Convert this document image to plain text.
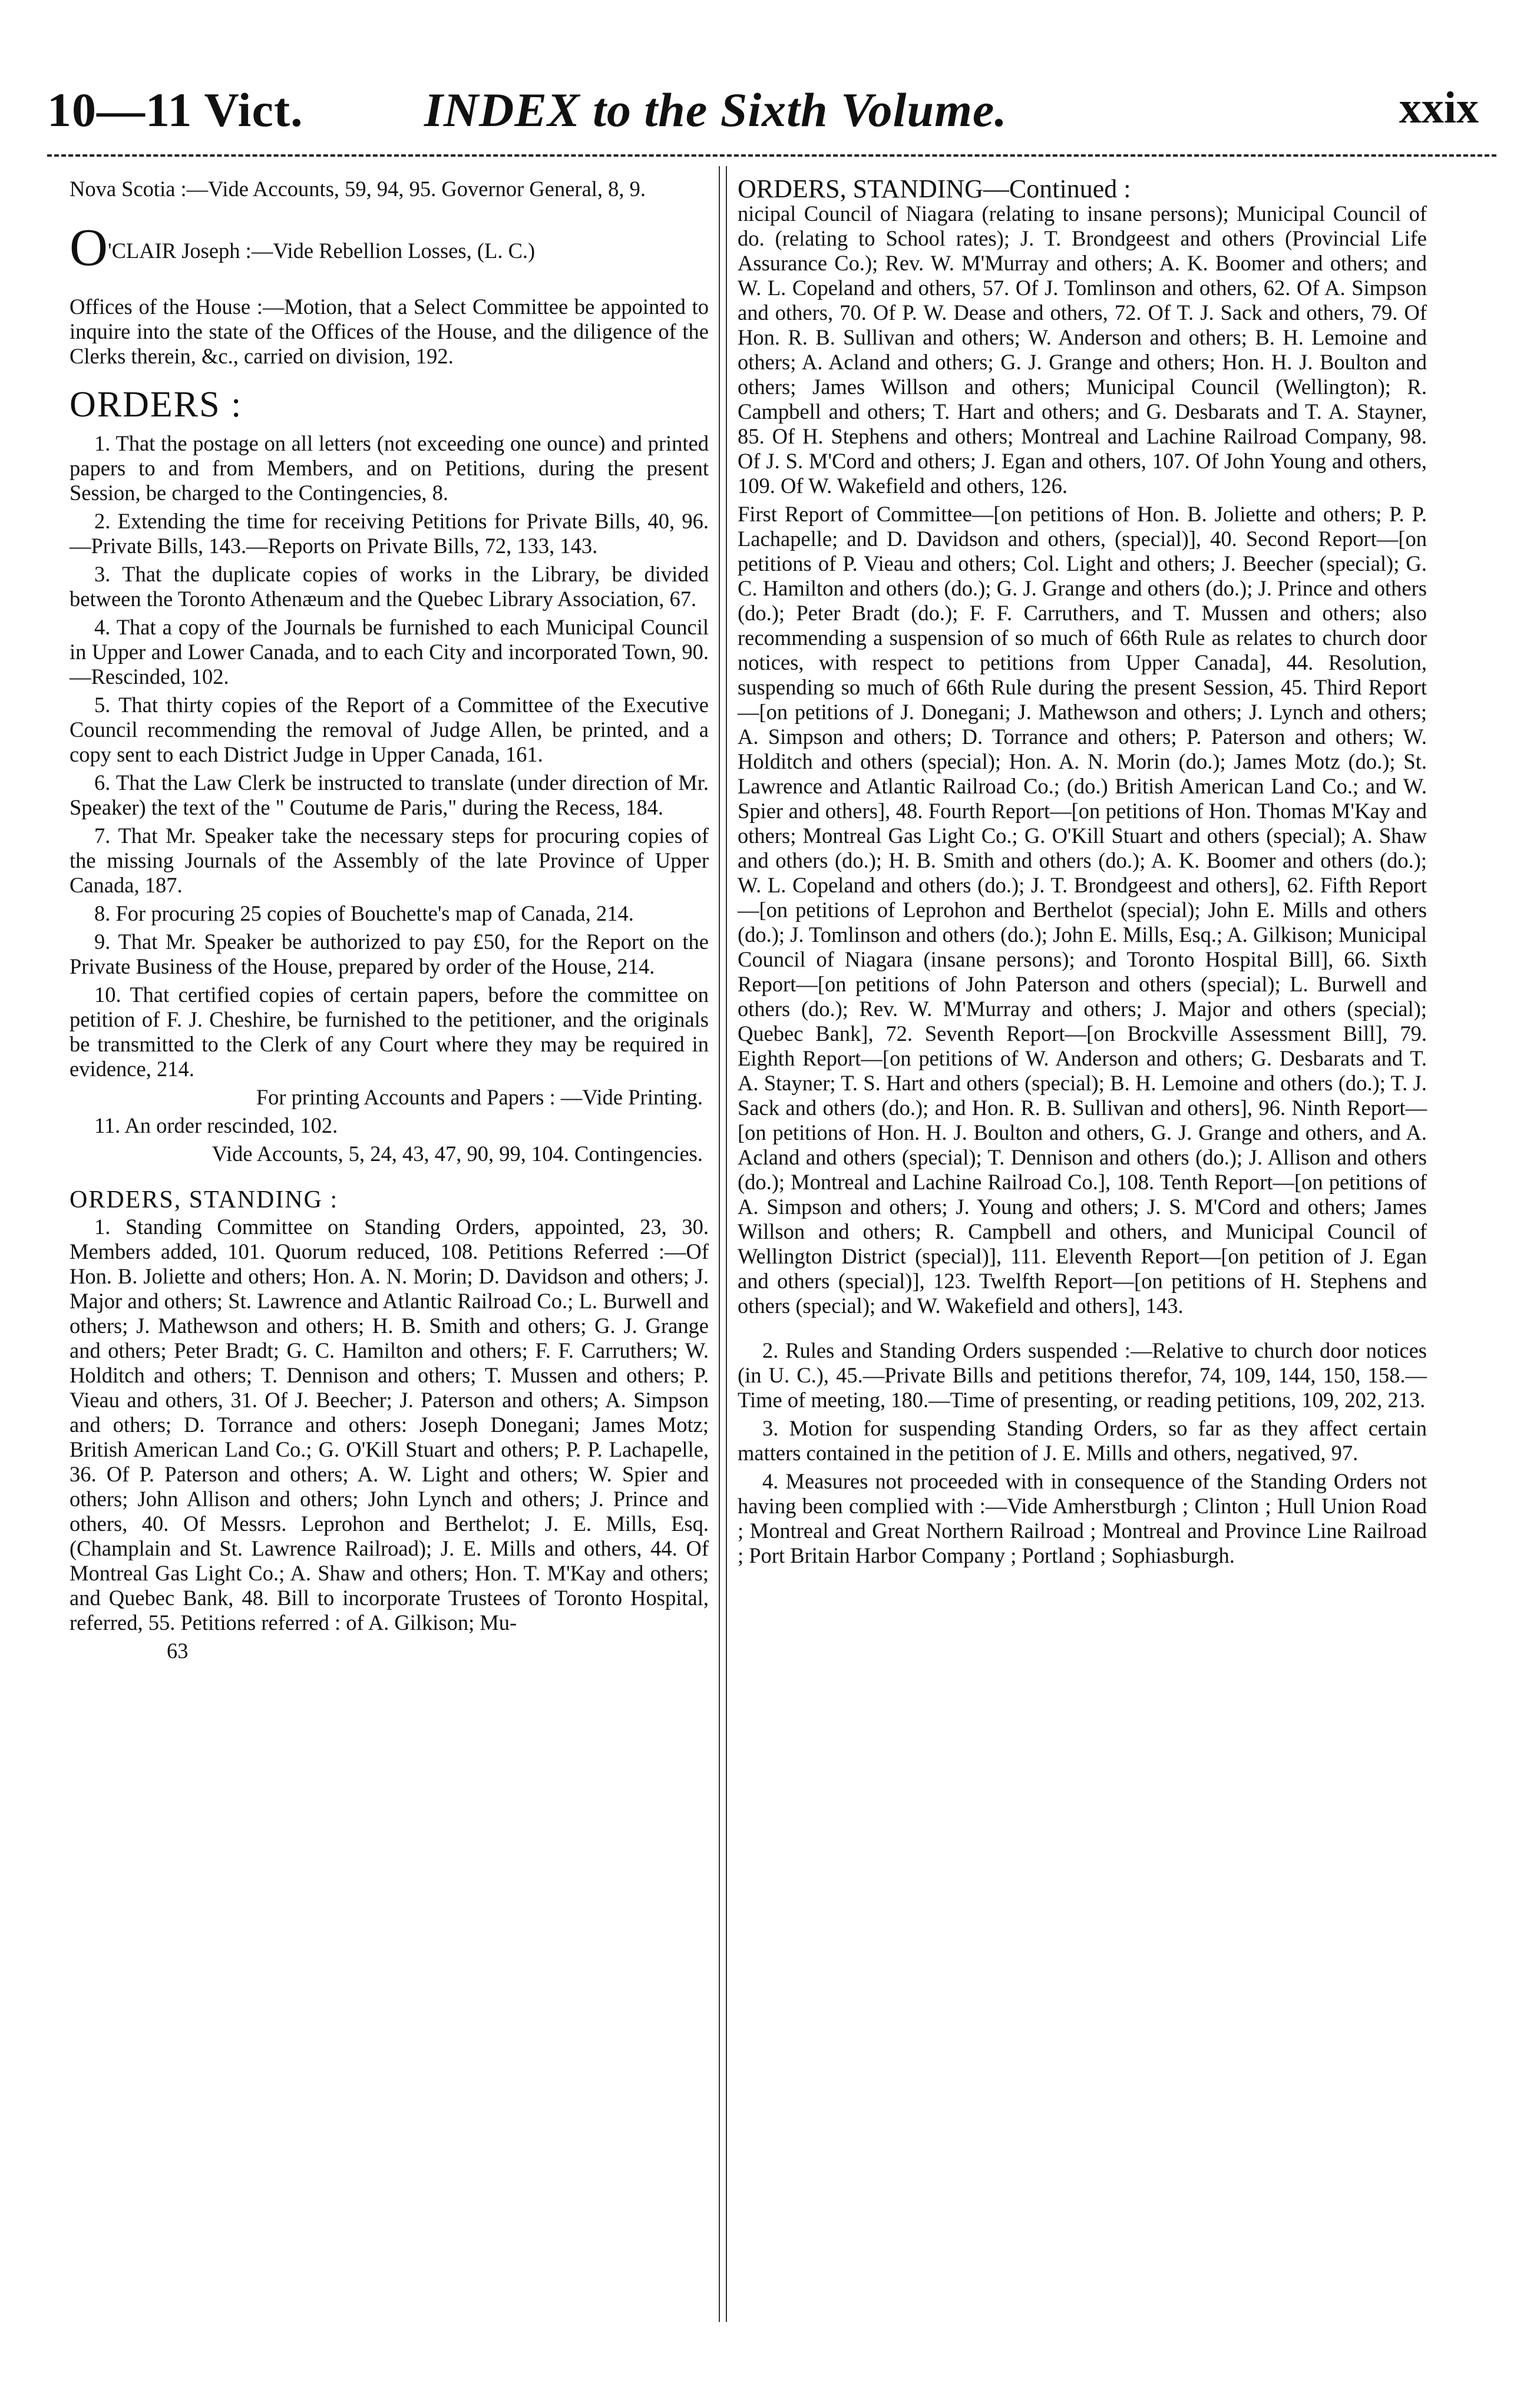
10—11 Vict.	INDEX to the Sixth Volume.	xxix

Nova Scotia :—Vide Accounts, 59, 94, 95. Governor General, 8, 9.

O'CLAIR Joseph :—Vide Rebellion Losses, (L. C.)

Offices of the House :—Motion, that a Select Committee be appointed to inquire into the state of the Offices of the House, and the diligence of the Clerks therein, &c., carried on division, 192.

ORDERS :

1. That the postage on all letters (not exceeding one ounce) and printed papers to and from Members, and on Petitions, during the present Session, be charged to the Contingencies, 8.

2. Extending the time for receiving Petitions for Private Bills, 40, 96.—Private Bills, 143.—Reports on Private Bills, 72, 133, 143.

3. That the duplicate copies of works in the Library, be divided between the Toronto Athenæum and the Quebec Library Association, 67.

4. That a copy of the Journals be furnished to each Municipal Council in Upper and Lower Canada, and to each City and incorporated Town, 90.—Rescinded, 102.

5. That thirty copies of the Report of a Committee of the Executive Council recommending the removal of Judge Allen, be printed, and a copy sent to each District Judge in Upper Canada, 161.

6. That the Law Clerk be instructed to translate (under direction of Mr. Speaker) the text of the " Coutume de Paris," during the Recess, 184.

7. That Mr. Speaker take the necessary steps for procuring copies of the missing Journals of the Assembly of the late Province of Upper Canada, 187.

8. For procuring 25 copies of Bouchette's map of Canada, 214.

9. That Mr. Speaker be authorized to pay £50, for the Report on the Private Business of the House, prepared by order of the House, 214.

10. That certified copies of certain papers, before the committee on petition of F. J. Cheshire, be furnished to the petitioner, and the originals be transmitted to the Clerk of any Court where they may be required in evidence, 214.

For printing Accounts and Papers : —Vide Printing.

11. An order rescinded, 102.

Vide Accounts, 5, 24, 43, 47, 90, 99, 104. Contingencies.

ORDERS, STANDING :

1. Standing Committee on Standing Orders, appointed, 23, 30. Members added, 101. Quorum reduced, 108. Petitions Referred :—Of Hon. B. Joliette and others; Hon. A. N. Morin; D. Davidson and others; J. Major and others; St. Lawrence and Atlantic Railroad Co.; L. Burwell and others; J. Mathewson and others; H. B. Smith and others; G. J. Grange and others; Peter Bradt; G. C. Hamilton and others; F. F. Carruthers; W. Holditch and others; T. Dennison and others; T. Mussen and others; P. Vieau and others, 31. Of J. Beecher; J. Paterson and others; A. Simpson and others; D. Torrance and others: Joseph Donegani; James Motz; British American Land Co.; G. O'Kill Stuart and others; P. P. Lachapelle, 36. Of P. Paterson and others; A. W. Light and others; W. Spier and others; John Allison and others; John Lynch and others; J. Prince and others, 40. Of Messrs. Leprohon and Berthelot; J. E. Mills, Esq. (Champlain and St. Lawrence Railroad); J. E. Mills and others, 44. Of Montreal Gas Light Co.; A. Shaw and others; Hon. T. M'Kay and others; and Quebec Bank, 48. Bill to incorporate Trustees of Toronto Hospital, referred, 55. Petitions referred : of A. Gilkison; Mu-

63

ORDERS, STANDING—Continued :

nicipal Council of Niagara (relating to insane persons); Municipal Council of do. (relating to School rates); J. T. Brondgeest and others (Provincial Life Assurance Co.); Rev. W. M'Murray and others; A. K. Boomer and others; and W. L. Copeland and others, 57. Of J. Tomlinson and others, 62. Of A. Simpson and others, 70. Of P. W. Dease and others, 72. Of T. J. Sack and others, 79. Of Hon. R. B. Sullivan and others; W. Anderson and others; B. H. Lemoine and others; A. Acland and others; G. J. Grange and others; Hon. H. J. Boulton and others; James Willson and others; Municipal Council (Wellington); R. Campbell and others; T. Hart and others; and G. Desbarats and T. A. Stayner, 85. Of H. Stephens and others; Montreal and Lachine Railroad Company, 98. Of J. S. M'Cord and others; J. Egan and others, 107. Of John Young and others, 109. Of W. Wakefield and others, 126.

First Report of Committee—[on petitions of Hon. B. Joliette and others; P. P. Lachapelle; and D. Davidson and others, (special)], 40. Second Report—[on petitions of P. Vieau and others; Col. Light and others; J. Beecher (special); G. C. Hamilton and others (do.); G. J. Grange and others (do.); J. Prince and others (do.); Peter Bradt (do.); F. F. Carruthers, and T. Mussen and others; also recommending a suspension of so much of 66th Rule as relates to church door notices, with respect to petitions from Upper Canada], 44. Resolution, suspending so much of 66th Rule during the present Session, 45. Third Report—[on petitions of J. Donegani; J. Mathewson and others; J. Lynch and others; A. Simpson and others; D. Torrance and others; P. Paterson and others; W. Holditch and others (special); Hon. A. N. Morin (do.); James Motz (do.); St. Lawrence and Atlantic Railroad Co.; (do.) British American Land Co.; and W. Spier and others], 48. Fourth Report—[on petitions of Hon. Thomas M'Kay and others; Montreal Gas Light Co.; G. O'Kill Stuart and others (special); A. Shaw and others (do.); H. B. Smith and others (do.); A. K. Boomer and others (do.); W. L. Copeland and others (do.); J. T. Brondgeest and others], 62. Fifth Report—[on petitions of Leprohon and Berthelot (special); John E. Mills and others (do.); J. Tomlinson and others (do.); John E. Mills, Esq.; A. Gilkison; Municipal Council of Niagara (insane persons); and Toronto Hospital Bill], 66. Sixth Report—[on petitions of John Paterson and others (special); L. Burwell and others (do.); Rev. W. M'Murray and others; J. Major and others (special); Quebec Bank], 72. Seventh Report—[on Brockville Assessment Bill], 79. Eighth Report—[on petitions of W. Anderson and others; G. Desbarats and T. A. Stayner; T. S. Hart and others (special); B. H. Lemoine and others (do.); T. J. Sack and others (do.); and Hon. R. B. Sullivan and others], 96. Ninth Report—[on petitions of Hon. H. J. Boulton and others, G. J. Grange and others, and A. Acland and others (special); T. Dennison and others (do.); J. Allison and others (do.); Montreal and Lachine Railroad Co.], 108. Tenth Report—[on petitions of A. Simpson and others; J. Young and others; J. S. M'Cord and others; James Willson and others; R. Campbell and others, and Municipal Council of Wellington District (special)], 111. Eleventh Report—[on petition of J. Egan and others (special)], 123. Twelfth Report—[on petitions of H. Stephens and others (special); and W. Wakefield and others], 143.

2. Rules and Standing Orders suspended :—Relative to church door notices (in U. C.), 45.—Private Bills and petitions therefor, 74, 109, 144, 150, 158.—Time of meeting, 180.—Time of presenting, or reading petitions, 109, 202, 213.

3. Motion for suspending Standing Orders, so far as they affect certain matters contained in the petition of J. E. Mills and others, negatived, 97.

4. Measures not proceeded with in consequence of the Standing Orders not having been complied with :—Vide Amherstburgh ; Clinton ; Hull Union Road ; Montreal and Great Northern Railroad ; Montreal and Province Line Railroad ; Port Britain Harbor Company ; Portland ; Sophiasburgh.
